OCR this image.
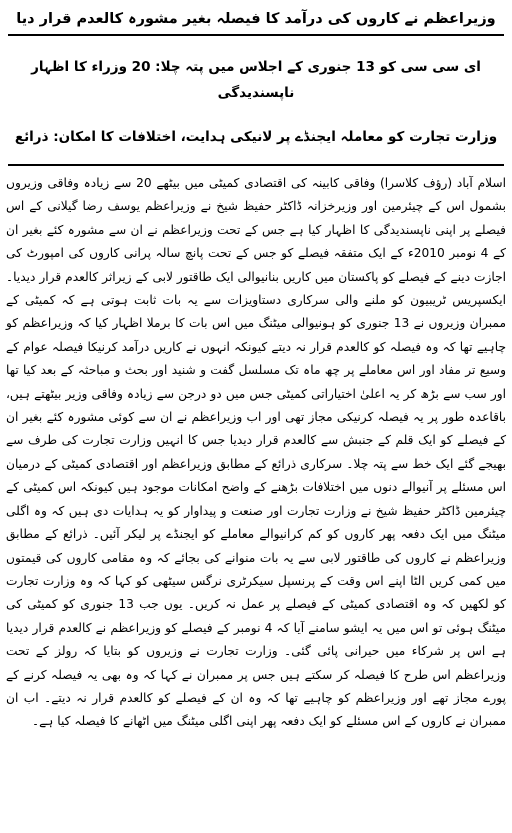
وزیراعظم نے کاروں کی درآمد کا فیصلہ بغیر مشورہ کالعدم قرار دیا
ای سی سی کو 13 جنوری کے اجلاس میں پتہ چلا: 20 وزراء کا اظہار ناپسندیدگی
وزارت تجارت کو معاملہ ایجنڈے پر لانیکی ہدایت، اختلافات کا امکان: ذرائع

اسلام آباد (رؤف کلاسرا) وفاقی کابینہ کی اقتصادی کمیٹی میں بیٹھے 20 سے زیادہ وفاقی وزیروں بشمول اس کے چیئرمین اور وزیرخزانہ ڈاکٹر حفیظ شیخ نے وزیراعظم یوسف رضا گیلانی کے اس فیصلے پر اپنی ناپسندیدگی کا اظہار کیا ہے جس کے تحت وزیراعظم نے ان سے مشورہ کئے بغیر ان کے 4 نومبر 2010ء کے ایک متفقہ فیصلے کو جس کے تحت پانچ سالہ پرانی کاروں کی امپورٹ کی اجازت دینے کے فیصلے کو پاکستان میں کاریں بنانیوالی ایک طاقتور لابی کے زیراثر کالعدم قرار دیدیا۔ ایکسپریس ٹریبیون کو ملنے والی سرکاری دستاویزات سے یہ بات ثابت ہوتی ہے کہ کمیٹی کے ممبران وزیروں نے 13 جنوری کو ہونیوالی میٹنگ میں اس بات کا برملا اظہار کیا کہ وزیراعظم کو چاہیے تھا کہ وہ فیصلہ کو کالعدم قرار نہ دیتے کیونکہ انہوں نے کاریں درآمد کرنیکا فیصلہ عوام کے وسیع تر مفاد اور اس معاملے پر چھ ماہ تک مسلسل گفت و شنید اور بحث و مباحثہ کے بعد کیا تھا اور سب سے بڑھ کر یہ اعلیٰ اختیاراتی کمیٹی جس میں دو درجن سے زیادہ وفاقی وزیر بیٹھتے ہیں، باقاعدہ طور پر یہ فیصلہ کرنیکی مجاز تھی اور اب وزیراعظم نے ان سے کوئی مشورہ کئے بغیر ان کے فیصلے کو ایک قلم کے جنبش سے کالعدم قرار دیدیا جس کا انہیں وزارت تجارت کی طرف سے بھیجے گئے ایک خط سے پتہ چلا۔ سرکاری ذرائع کے مطابق وزیراعظم اور اقتصادی کمیٹی کے درمیان اس مسئلے پر آنیوالے دنوں میں اختلافات بڑھنے کے واضح امکانات موجود ہیں کیونکہ اس کمیٹی کے چیئرمین ڈاکٹر حفیظ شیخ نے وزارت تجارت اور صنعت و پیداوار کو یہ ہدایات دی ہیں کہ وہ اگلی میٹنگ میں ایک دفعہ پھر کاروں کو کم کرانیوالے معاملے کو ایجنڈے پر لیکر آئیں۔ ذرائع کے مطابق وزیراعظم نے کاروں کی طاقتور لابی سے یہ بات منوانے کی بجائے کہ وہ مقامی کاروں کی قیمتوں میں کمی کریں الٹا اپنے اس وقت کے پرنسپل سیکرٹری نرگس سیٹھی کو کہا کہ وہ وزارت تجارت کو لکھیں کہ وہ اقتصادی کمیٹی کے فیصلے پر عمل نہ کریں۔ یوں جب 13 جنوری کو کمیٹی کی میٹنگ ہوئی تو اس میں یہ ایشو سامنے آیا کہ 4 نومبر کے فیصلے کو وزیراعظم نے کالعدم قرار دیدیا ہے اس پر شرکاء میں حیرانی پائی گئی۔ وزارت تجارت نے وزیروں کو بتایا کہ رولز کے تحت وزیراعظم اس طرح کا فیصلہ کر سکتے ہیں جس پر ممبران نے کہا کہ وہ بھی یہ فیصلہ کرنے کے پورے مجاز تھے اور وزیراعظم کو چاہیے تھا کہ وہ ان کے فیصلے کو کالعدم قرار نہ دیتے۔ اب ان ممبران نے کاروں کے اس مسئلے کو ایک دفعہ پھر اپنی اگلی میٹنگ میں اٹھانے کا فیصلہ کیا ہے۔
